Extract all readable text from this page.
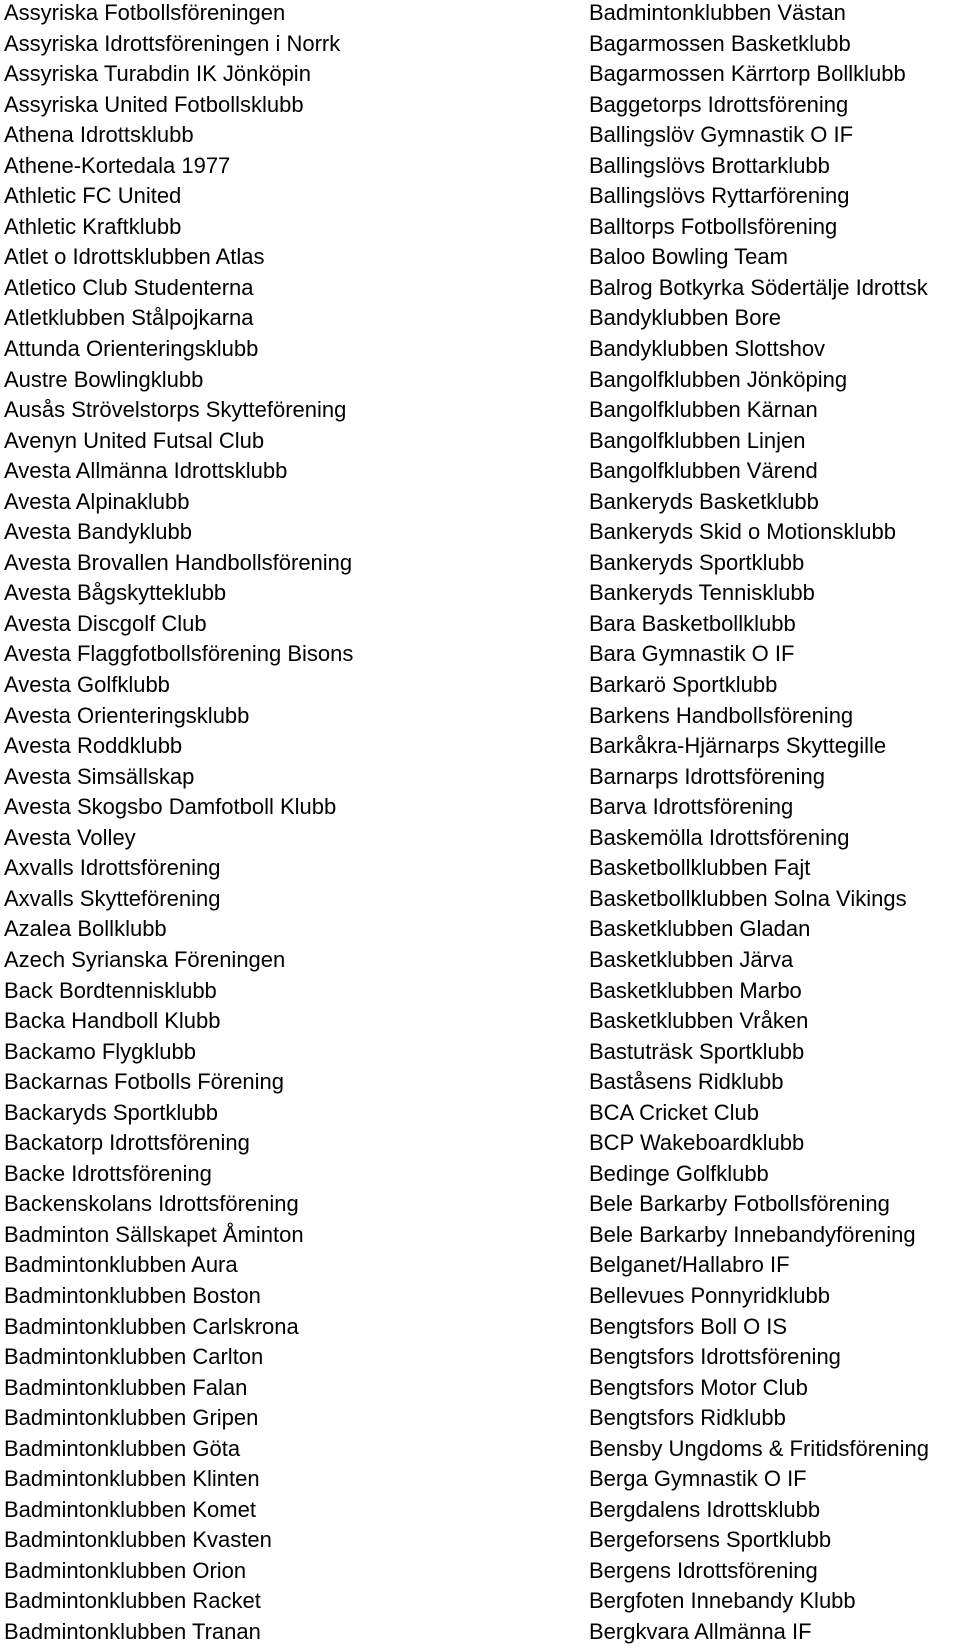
Assyriska Fotbollsföreningen
Assyriska Idrottsföreningen i Norrk
Assyriska Turabdin IK Jönköpin
Assyriska United Fotbollsklubb
Athena Idrottsklubb
Athene-Kortedala 1977
Athletic FC United
Athletic Kraftklubb
Atlet o Idrottsklubben Atlas
Atletico Club Studenterna
Atletklubben Stålpojkarna
Attunda Orienteringsklubb
Austre Bowlingklubb
Ausås Strövelstorps Skytteförening
Avenyn United Futsal Club
Avesta Allmänna Idrottsklubb
Avesta Alpinaklubb
Avesta Bandyklubb
Avesta Brovallen Handbollsförening
Avesta Bågskytteklubb
Avesta Discgolf Club
Avesta Flaggfotbollsförening Bisons
Avesta Golfklubb
Avesta Orienteringsklubb
Avesta Roddklubb
Avesta Simsällskap
Avesta Skogsbo Damfotboll Klubb
Avesta Volley
Axvalls Idrottsförening
Axvalls Skytteförening
Azalea Bollklubb
Azech Syrianska Föreningen
Back Bordtennisklubb
Backa Handboll Klubb
Backamo Flygklubb
Backarnas Fotbolls Förening
Backaryds Sportklubb
Backatorp Idrottsförening
Backe Idrottsförening
Backenskolans Idrottsförening
Badminton Sällskapet Åminton
Badmintonklubben Aura
Badmintonklubben Boston
Badmintonklubben Carlskrona
Badmintonklubben Carlton
Badmintonklubben Falan
Badmintonklubben Gripen
Badmintonklubben Göta
Badmintonklubben Klinten
Badmintonklubben Komet
Badmintonklubben Kvasten
Badmintonklubben Orion
Badmintonklubben Racket
Badmintonklubben Tranan
Badmintonklubben Västan
Bagarmossen Basketklubb
Bagarmossen Kärrtorp Bollklubb
Baggetorps Idrottsförening
Ballingslöv Gymnastik O IF
Ballingslövs Brottarklubb
Ballingslövs Ryttarförening
Balltorps Fotbollsförening
Baloo Bowling Team
Balrog Botkyrka Södertälje Idrottsk
Bandyklubben Bore
Bandyklubben Slottshov
Bangolfklubben Jönköping
Bangolfklubben Kärnan
Bangolfklubben Linjen
Bangolfklubben Värend
Bankeryds Basketklubb
Bankeryds Skid o Motionsklubb
Bankeryds Sportklubb
Bankeryds Tennisklubb
Bara Basketbollklubb
Bara Gymnastik O IF
Barkarö Sportklubb
Barkens Handbollsförening
Barkåkra-Hjärnarps Skyttegille
Barnarps Idrottsförening
Barva Idrottsförening
Baskemölla Idrottsförening
Basketbollklubben Fajt
Basketbollklubben Solna Vikings
Basketklubben Gladan
Basketklubben Järva
Basketklubben Marbo
Basketklubben Vråken
Bastuträsk Sportklubb
Baståsens Ridklubb
BCA Cricket Club
BCP Wakeboardklubb
Bedinge Golfklubb
Bele Barkarby Fotbollsförening
Bele Barkarby Innebandyförening
Belganet/Hallabro IF
Bellevues Ponnyridklubb
Bengtsfors Boll O IS
Bengtsfors Idrottsförening
Bengtsfors Motor Club
Bengtsfors Ridklubb
Bensby Ungdoms & Fritidsförening
Berga Gymnastik O IF
Bergdalens Idrottsklubb
Bergeforsens Sportklubb
Bergens Idrottsförening
Bergfoten Innebandy Klubb
Bergkvara Allmänna IF
